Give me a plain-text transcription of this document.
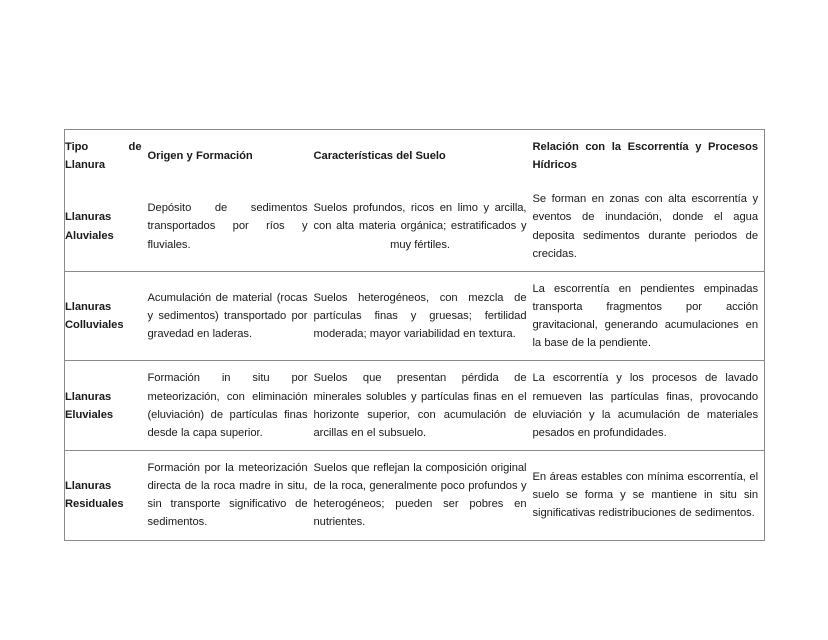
Tipo de
Llanura	Origen y Formación	Características del Suelo	Relación con la Escorrentía y Procesos Hídricos

Llanuras
Aluviales	Depósito de sedimentos transportados por ríos y fluviales.	Suelos profundos, ricos en limo y arcilla, con alta materia orgánica; estratificados y muy fértiles.	Se forman en zonas con alta escorrentía y eventos de inundación, donde el agua deposita sedimentos durante periodos de crecidas.

Llanuras
Colluviales	Acumulación de material (rocas y sedimentos) transportado por gravedad en laderas.	Suelos heterogéneos, con mezcla de partículas finas y gruesas; fertilidad moderada; mayor variabilidad en textura.	La escorrentía en pendientes empinadas transporta fragmentos por acción gravitacional, generando acumulaciones en la base de la pendiente.

Llanuras
Eluviales	Formación in situ por meteorización, con eliminación (eluviación) de partículas finas desde la capa superior.	Suelos que presentan pérdida de minerales solubles y partículas finas en el horizonte superior, con acumulación de arcillas en el subsuelo.	La escorrentía y los procesos de lavado remueven las partículas finas, provocando eluviación y la acumulación de materiales pesados en profundidades.

Llanuras
Residuales	Formación por la meteorización directa de la roca madre in situ, sin transporte significativo de sedimentos.	Suelos que reflejan la composición original de la roca, generalmente poco profundos y heterogéneos; pueden ser pobres en nutrientes.	En áreas estables con mínima escorrentía, el suelo se forma y se mantiene in situ sin significativas redistribuciones de sedimentos.
